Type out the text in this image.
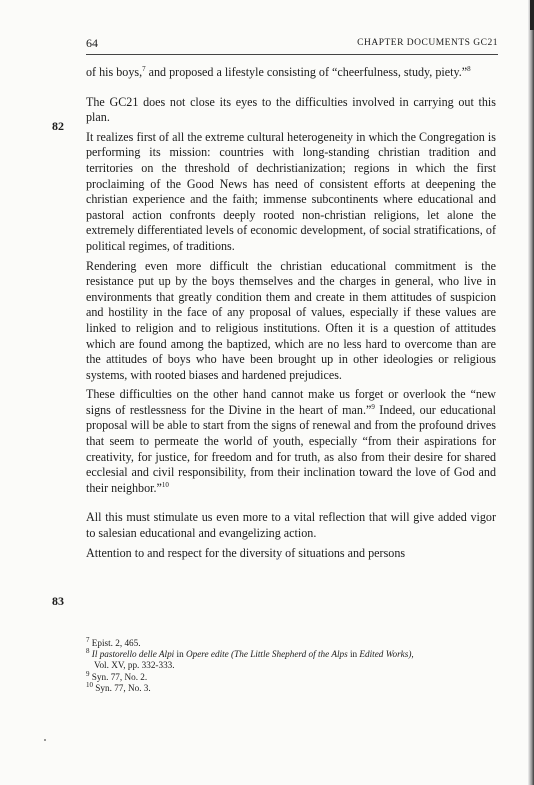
64	CHAPTER DOCUMENTS GC21
82
83

of his boys,$^7$ and proposed a lifestyle consisting of “cheerfulness, study, piety.”$^8$

The GC21 does not close its eyes to the difficulties involved in carrying out this plan.

It realizes first of all the extreme cultural heterogeneity in which the Congregation is performing its mission: countries with long-standing christian tradition and territories on the threshold of dechristianization; regions in which the first proclaiming of the Good News has need of consistent efforts at deepening the christian experience and the faith; immense subcontinents where educational and pastoral action confronts deeply rooted non-christian religions, let alone the extremely differentiated levels of economic development, of social stratifications, of political regimes, of traditions.

Rendering even more difficult the christian educational commitment is the resistance put up by the boys themselves and the charges in general, who live in environments that greatly condition them and create in them attitudes of suspicion and hostility in the face of any proposal of values, especially if these values are linked to religion and to religious institutions. Often it is a question of attitudes which are found among the baptized, which are no less hard to overcome than are the attitudes of boys who have been brought up in other ideologies or religious systems, with rooted biases and hardened prejudices.

These difficulties on the other hand cannot make us forget or overlook the “new signs of restlessness for the Divine in the heart of man.”$^9$ Indeed, our educational proposal will be able to start from the signs of renewal and from the profound drives that seem to permeate the world of youth, especially “from their aspirations for creativity, for justice, for freedom and for truth, as also from their desire for shared ecclesial and civil responsibility, from their inclination toward the love of God and their neighbor.”$^{10}$

All this must stimulate us even more to a vital reflection that will give added vigor to salesian educational and evangelizing action.

Attention to and respect for the diversity of situations and persons

$^7$ Epist. 2, 465.

$^8$ Il pastorello delle Alpi in Opere edite (The Little Shepherd of the Alps in Edited Works),

Vol. XV, pp. 332-333.

$^9$ Syn. 77, No. 2.

$^{10}$ Syn. 77, No. 3.
